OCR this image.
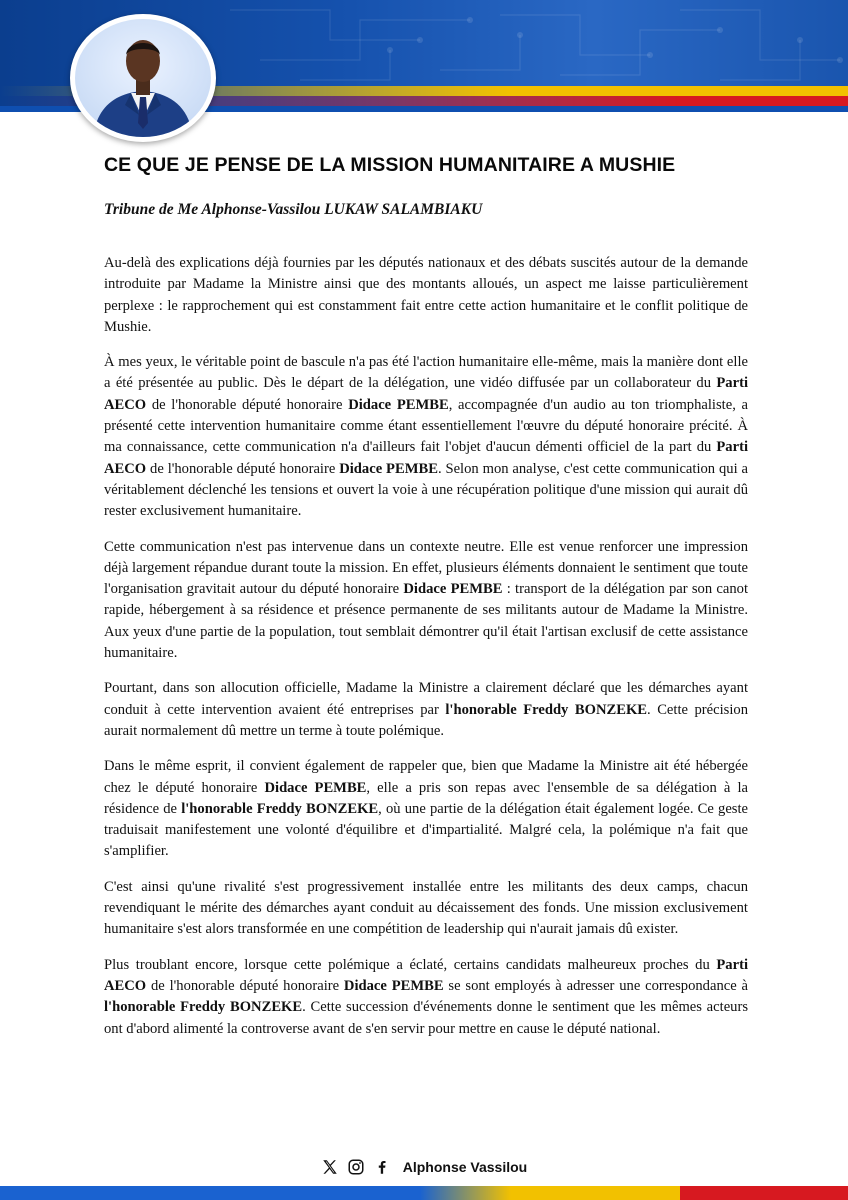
CE QUE JE PENSE DE LA MISSION HUMANITAIRE A MUSHIE

Tribune de Me Alphonse-Vassilou LUKAW SALAMBIAKU

Au-delà des explications déjà fournies par les députés nationaux et des débats suscités autour de la demande introduite par Madame la Ministre ainsi que des montants alloués, un aspect me laisse particulièrement perplexe : le rapprochement qui est constamment fait entre cette action humanitaire et le conflit politique de Mushie.

À mes yeux, le véritable point de bascule n'a pas été l'action humanitaire elle-même, mais la manière dont elle a été présentée au public. Dès le départ de la délégation, une vidéo diffusée par un collaborateur du Parti AECO de l'honorable député honoraire Didace PEMBE, accompagnée d'un audio au ton triomphaliste, a présenté cette intervention humanitaire comme étant essentiellement l'œuvre du député honoraire précité. À ma connaissance, cette communication n'a d'ailleurs fait l'objet d'aucun démenti officiel de la part du Parti AECO de l'honorable député honoraire Didace PEMBE. Selon mon analyse, c'est cette communication qui a véritablement déclenché les tensions et ouvert la voie à une récupération politique d'une mission qui aurait dû rester exclusivement humanitaire.

Cette communication n'est pas intervenue dans un contexte neutre. Elle est venue renforcer une impression déjà largement répandue durant toute la mission. En effet, plusieurs éléments donnaient le sentiment que toute l'organisation gravitait autour du député honoraire Didace PEMBE : transport de la délégation par son canot rapide, hébergement à sa résidence et présence permanente de ses militants autour de Madame la Ministre. Aux yeux d'une partie de la population, tout semblait démontrer qu'il était l'artisan exclusif de cette assistance humanitaire.

Pourtant, dans son allocution officielle, Madame la Ministre a clairement déclaré que les démarches ayant conduit à cette intervention avaient été entreprises par l'honorable Freddy BONZEKE. Cette précision aurait normalement dû mettre un terme à toute polémique.

Dans le même esprit, il convient également de rappeler que, bien que Madame la Ministre ait été hébergée chez le député honoraire Didace PEMBE, elle a pris son repas avec l'ensemble de sa délégation à la résidence de l'honorable Freddy BONZEKE, où une partie de la délégation était également logée. Ce geste traduisait manifestement une volonté d'équilibre et d'impartialité. Malgré cela, la polémique n'a fait que s'amplifier.

C'est ainsi qu'une rivalité s'est progressivement installée entre les militants des deux camps, chacun revendiquant le mérite des démarches ayant conduit au décaissement des fonds. Une mission exclusivement humanitaire s'est alors transformée en une compétition de leadership qui n'aurait jamais dû exister.

Plus troublant encore, lorsque cette polémique a éclaté, certains candidats malheureux proches du Parti AECO de l'honorable député honoraire Didace PEMBE se sont employés à adresser une correspondance à l'honorable Freddy BONZEKE. Cette succession d'événements donne le sentiment que les mêmes acteurs ont d'abord alimenté la controverse avant de s'en servir pour mettre en cause le député national.

Alphonse Vassilou
